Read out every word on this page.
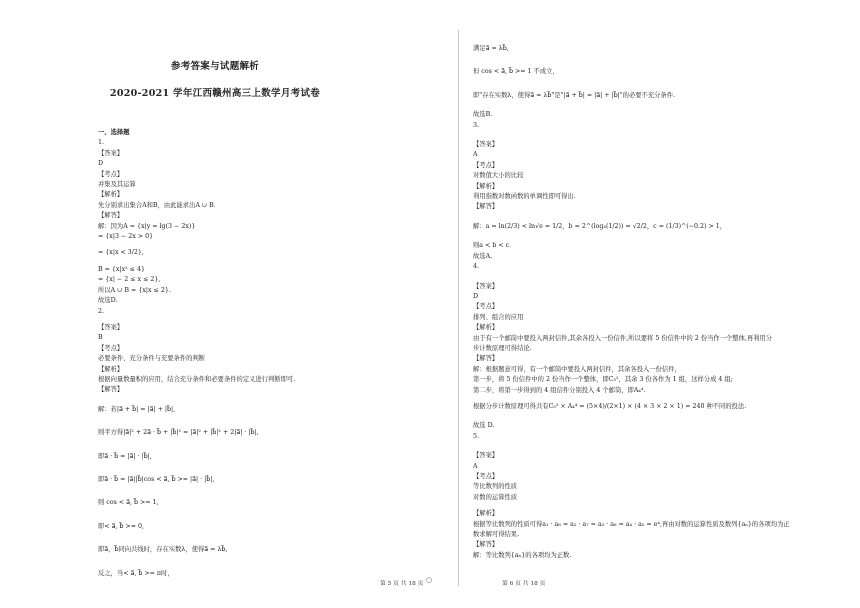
参考答案与试题解析
2020-2021 学年江西赣州高三上数学月考试卷
一、选择题
1.
【答案】
D
【考点】
并集及其运算
【解析】
先分别求出集合A和B，由此能求出A ∪ B．
【解答】
解：因为A = {x|y = lg(3 − 2x)}
= {x|3 − 2x > 0}
= {x|x < 3/2},
B = {x|x² ≤ 4}
= {x| − 2 ≤ x ≤ 2},
所以A ∪ B = {x|x ≤ 2}.
故选D.
2.
【答案】
B
【考点】
必要条件、充分条件与充要条件的判断
【解析】
根据向量数量积的应用，结合充分条件和必要条件的定义进行判断即可.
【解答】
解：若|a⃗ + b⃗| = |a⃗| + |b⃗|,
则平方得|a⃗|² + 2a⃗ · b⃗ + |b⃗|² = |a⃗|² + |b⃗|² + 2|a⃗| · |b⃗|,
即a⃗ · b⃗ = |a⃗| · |b⃗|,
即a⃗ · b⃗ = |a⃗||b⃗|cos < a⃗, b⃗ >= |a⃗| · |b⃗|,
则 cos < a⃗, b⃗ >= 1,
即< a⃗, b⃗ >= 0,
即a⃗，b⃗同向共线时，存在实数λ，使得a⃗ = λb⃗,
反之，当< a⃗, b⃗ >= π时，
第 5 页 共 18 页 ○
满足a⃗ = λb⃗,
但 cos < a⃗, b⃗ >= 1 不成立，
即"存在实数λ，使得a⃗ = λb⃗"是"|a⃗ + b⃗| = |a⃗| + |b⃗|"的必要不充分条件.
故选B.
3.
【答案】
A
【考点】
对数值大小的比较
【解析】
利用指数对数函数的单调性即可得出.
【解答】
解：a = ln(2/3) < ln√e = 1/2，b = 2^(log₄(1/2)) = √2/2，c = (1/3)^(−0.2) > 1，
则a < b < c．
故选A.
4.
【答案】
D
【考点】
排列、组合的应用
【解析】
由于有一个邮筒中要投入两封信件,其余各投入一份信件,所以要将 5 份信件中的 2 份当作一个整体,再利用分
步计数原理可得结论.
【解答】
解：根据题意可得，有一个邮筒中要投入两封信件，其余各投入一份信件，
第一步，将 5 份信件中的 2 份当作一个整体，即C₅²，其余 3 份各作为 1 组，这样分成 4 组;
第二步，将第一步得到的 4 组信件分别投入 4 个邮筒，即A₄⁴.
根据分步计数原理可得共有C₅² × A₄⁴ = (5×4)/(2×1) × (4 × 3 × 2 × 1) = 240 种不同的投法.
故选 D.
5.
【答案】
A
【考点】
等比数列的性质
对数的运算性质
【解析】
根据等比数列的性质可得a₁ · a₈ = a₂ · a₇ = a₃ · a₆ = a₄ · a₅ = e⁴,再由对数的运算性质及数列{aₙ}的各项均为正
数求解可得结果.
【解答】
解：等比数列{aₙ}的各项均为正数.
第 6 页 共 18 页
